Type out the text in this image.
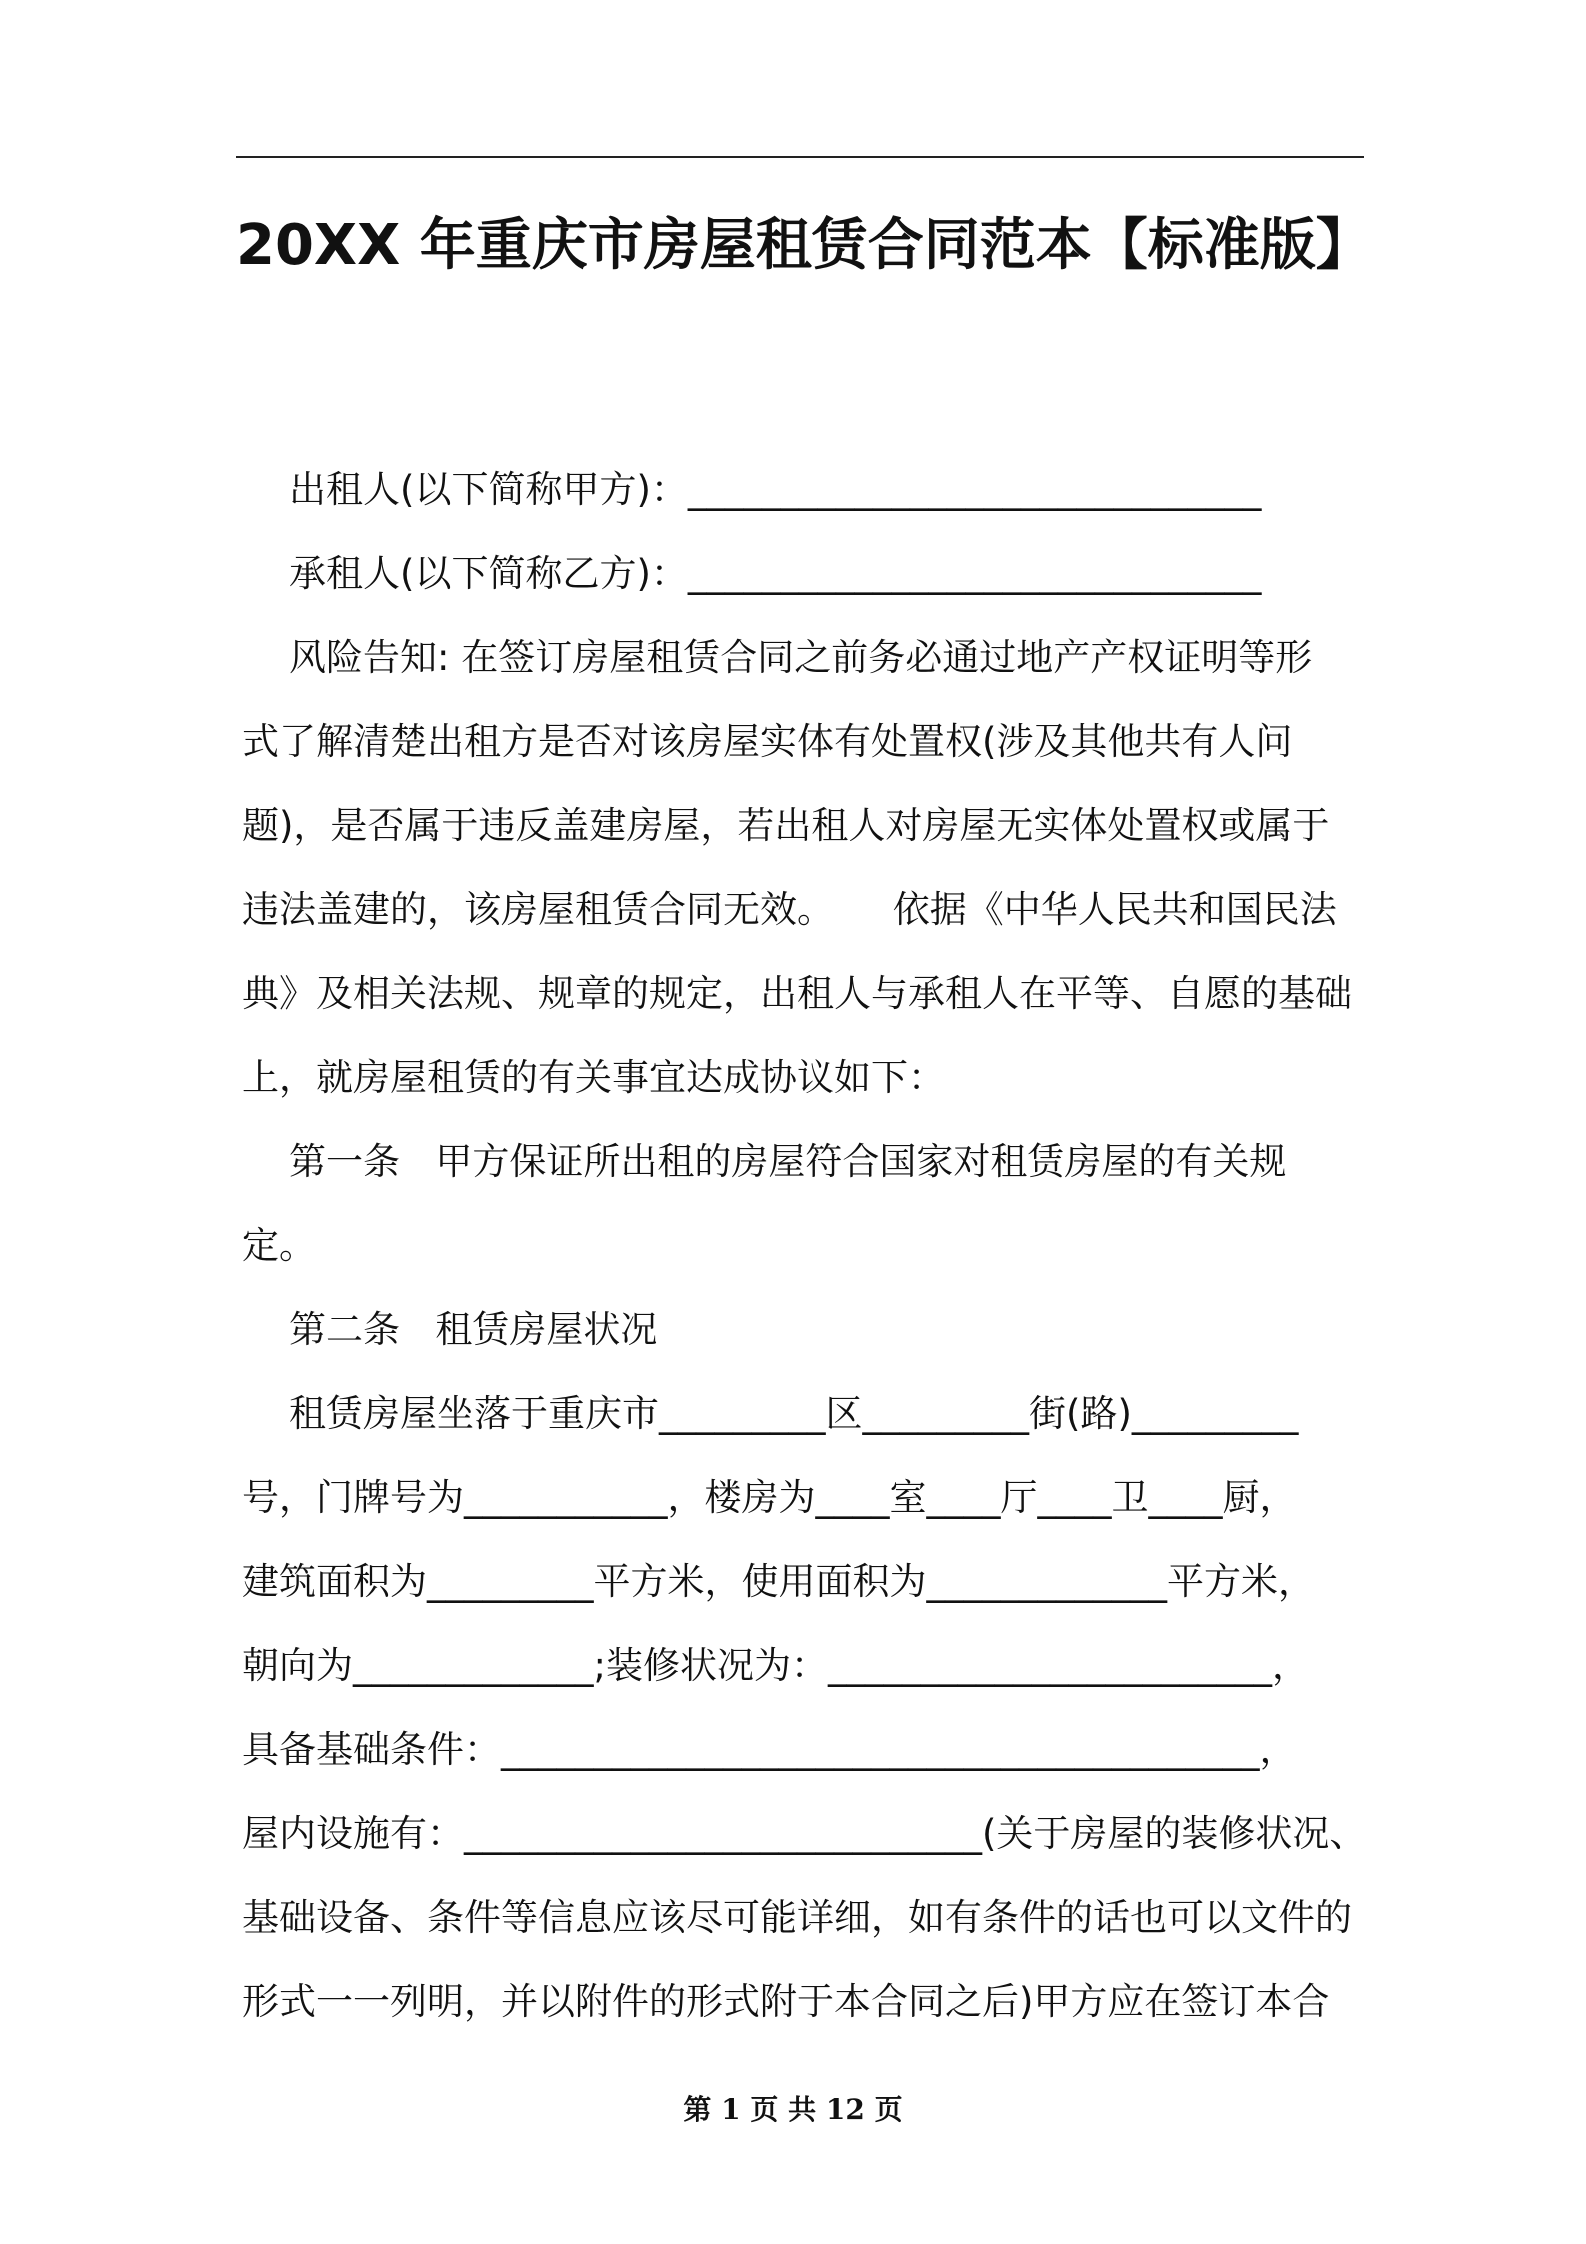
20XX 年重庆市房屋租赁合同范本【标准版】
出租人(以下简称甲方)：_______________________________
承租人(以下简称乙方)：_______________________________
风险告知: 在签订房屋租赁合同之前务必通过地产产权证明等形
式了解清楚出租方是否对该房屋实体有处置权(涉及其他共有人问
题)，是否属于违反盖建房屋，若出租人对房屋无实体处置权或属于
违法盖建的，该房屋租赁合同无效。     依据《中华人民共和国民法
典》及相关法规、规章的规定，出租人与承租人在平等、自愿的基础
上，就房屋租赁的有关事宜达成协议如下：
第一条   甲方保证所出租的房屋符合国家对租赁房屋的有关规
定。
第二条   租赁房屋状况
租赁房屋坐落于重庆市_________区_________街(路)_________
号，门牌号为___________，楼房为____室____厅____卫____厨，
建筑面积为_________平方米，使用面积为_____________平方米，
朝向为_____________;装修状况为：________________________，
具备基础条件：_________________________________________，
屋内设施有：____________________________(关于房屋的装修状况、
基础设备、条件等信息应该尽可能详细，如有条件的话也可以文件的
形式一一列明，并以附件的形式附于本合同之后)甲方应在签订本合
第 1 页 共 12 页
